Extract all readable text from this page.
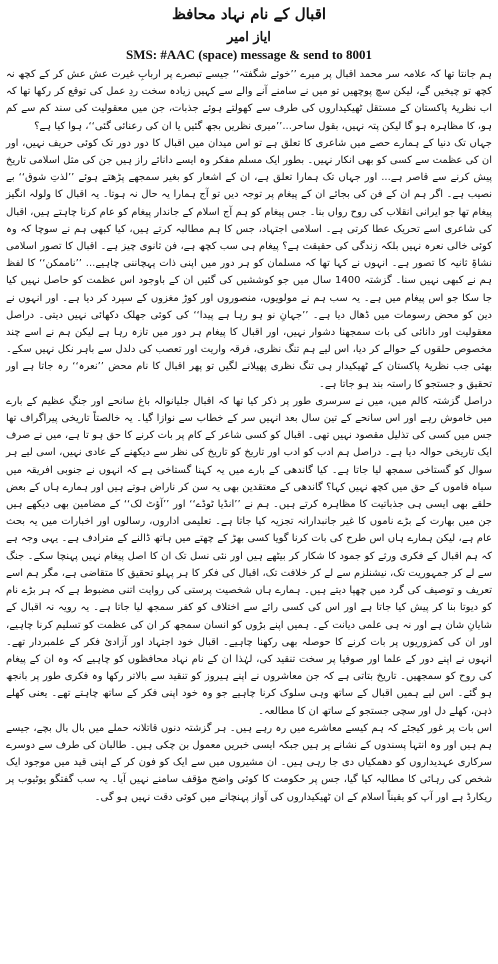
اقبال کے نام نہاد محافظ
ایاز امیر
SMS: #AAC (space) message & send to 8001

ہم جانتا تھا کہ علامہ سر محمد اقبال پر میرے ’’خوئے شگفتہ‘‘ جیسے تبصرے پر اربابِ غیرت عش عش کر کے کچھ نہ کچھ تو چیخیں گے، لیکن سچ پوچھیں تو میں نے سامنے آنے والے سے کہیں زیادہ سخت ردِ عمل کی توقع کر رکھا تھا کہ اب نظریۂ پاکستان کے مستقل ٹھیکیداروں کی طرف سے کھولتے ہوئے جذبات، جن میں معقولیت کی سند کم سے کم ہو، کا مظاہرہ ہو گا لیکن پتہ نہیں، بقول ساحر...’’میری نظریں بجھ گئیں یا ان کی رعنائی گئی‘‘، ہوا کیا ہے؟

جہاں تک دنیا کے ہمارے حصے میں شاعری کا تعلق ہے تو اس میدان میں اقبال کا دور دور تک کوئی حریف نہیں، اور ان کی عظمت سے کسی کو بھی انکار نہیں۔ بطور ایک مسلم مفکر وہ ایسے دانائے راز ہیں جن کی مثل اسلامی تاریخ پیش کرنے سے قاصر ہے... اور جہاں تک ہمارا تعلق ہے، ان کے اشعار کو بغیر سمجھے پڑھتے ہوئے ’’لذتِ شوق‘‘ بے نصیب ہے۔ اگر ہم ان کے فن کی بجائے ان کے پیغام پر توجہ دیں تو آج ہمارا یہ حال نہ ہوتا۔ یہ اقبال کا ولولہ انگیز پیغام تھا جو ایرانی انقلاب کی روح رواں بنا۔ جس پیغام کو ہم آج اسلام کے جاندار پیغام کو عام کرنا چاہتے ہیں، اقبال کی شاعری اسے تحریک عطا کرتی ہے۔ اسلامی اجتہاد، جس کا ہم مطالبہ کرتے ہیں، کیا کبھی ہم نے سوچا کہ وہ کوئی خالی نعرہ نہیں بلکہ زندگی کی حقیقت ہے؟ پیغام ہی سب کچھ ہے، فن ثانوی چیز ہے۔ اقبال کا تصور اسلامی نشاۃِ ثانیہ کا تصور ہے۔ انہوں نے کہا تھا کہ مسلمان کو ہر دور میں اپنی ذات پہچاننی چاہیے... ’’ناممکن‘‘ کا لفظ ہم نے کبھی نہیں سنا۔ گزشتہ 1400 سال میں جو کوششیں کی گئیں ان کے باوجود اس عظمت کو حاصل نہیں کیا جا سکا جو اس پیغام میں ہے۔ یہ سب ہم نے مولویوں، منصوروں اور کوڑ مغزوں کے سپرد کر دیا ہے۔ اور انہوں نے دین کو محض رسومات میں ڈھال دیا ہے۔ ’’جہانِ نو ہو رہا ہے پیدا‘‘ کی کوئی جھلک دکھائی نہیں دیتی۔ دراصل معقولیت اور دانائی کی بات سمجھنا دشوار نہیں، اور اقبال کا پیغام ہر دور میں تازہ رہا ہے لیکن ہم نے اسے چند مخصوص حلقوں کے حوالے کر دیا، اس لیے ہم تنگ نظری، فرقہ واریت اور تعصب کی دلدل سے باہر نکل نہیں سکے۔ بھئی جب نظریۂ پاکستان کے ٹھیکیدار ہی تنگ نظری پھیلانے لگیں تو پھر اقبال کا نام محض ’’نعرہ‘‘ رہ جاتا ہے اور تحقیق و جستجو کا راستہ بند ہو جاتا ہے۔

دراصل گزشتہ کالم میں، میں نے سرسری طور پر ذکر کیا تھا کہ اقبال جلیانوالہ باغ سانحے اور جنگِ عظیم کے بارے میں خاموش رہے اور اس سانحے کے تین سال بعد انہیں سر کے خطاب سے نوازا گیا۔ یہ خالصتاً تاریخی پیراگراف تھا جس میں کسی کی تذلیل مقصود نہیں تھی۔ اقبال کو کسی شاعر کے کام پر بات کرنے کا حق ہو تا ہے، میں نے صرف ایک تاریخی حوالہ دیا ہے۔ دراصل ہم ادب کو ادب اور تاریخ کو تاریخ کی نظر سے دیکھنے کے عادی نہیں، اسی لیے ہر سوال کو گستاخی سمجھ لیا جاتا ہے۔ کیا گاندھی کے بارے میں یہ کہنا گستاخی ہے کہ انہوں نے جنوبی افریقہ میں سیاہ فاموں کے حق میں کچھ نہیں کہا؟ گاندھی کے معتقدین بھی یہ سن کر ناراض ہوتے ہیں اور ہمارے ہاں کے بعض حلقے بھی ایسی ہی جذباتیت کا مظاہرہ کرتے ہیں۔ ہم نے ’’انڈیا ٹوڈے‘‘ اور ’’آؤٹ لک‘‘ کے مضامین بھی دیکھے ہیں جن میں بھارت کے بڑے ناموں کا غیر جانبدارانہ تجزیہ کیا جاتا ہے۔ تعلیمی اداروں، رسالوں اور اخبارات میں یہ بحث عام ہے، لیکن ہمارے ہاں اس طرح کی بات کرنا گویا کسی بھڑ کے چھتے میں ہاتھ ڈالنے کے مترادف ہے۔ یہی وجہ ہے کہ ہم اقبال کے فکری ورثے کو جمود کا شکار کر بیٹھے ہیں اور نئی نسل تک ان کا اصل پیغام نہیں پہنچا سکے۔ جنگ سے لے کر جمہوریت تک، نیشنلزم سے لے کر خلافت تک، اقبال کی فکر کا ہر پہلو تحقیق کا متقاضی ہے، مگر ہم اسے تعریف و توصیف کی گرد میں چھپا دیتے ہیں۔ ہمارے ہاں شخصیت پرستی کی روایت اتنی مضبوط ہے کہ ہر بڑے نام کو دیوتا بنا کر پیش کیا جاتا ہے اور اس کی کسی رائے سے اختلاف کو کفر سمجھ لیا جاتا ہے۔ یہ رویہ نہ اقبال کے شایانِ شان ہے اور نہ ہی علمی دیانت کے۔ ہمیں اپنے بڑوں کو انسان سمجھ کر ان کی عظمت کو تسلیم کرنا چاہیے، اور ان کی کمزوریوں پر بات کرنے کا حوصلہ بھی رکھنا چاہیے۔ اقبال خود اجتہاد اور آزادیٔ فکر کے علمبردار تھے۔ انہوں نے اپنے دور کے علما اور صوفیا پر سخت تنقید کی، لہٰذا ان کے نام نہاد محافظوں کو چاہیے کہ وہ ان کے پیغام کی روح کو سمجھیں۔ تاریخ بتاتی ہے کہ جن معاشروں نے اپنے ہیروز کو تنقید سے بالاتر رکھا وہ فکری طور پر بانجھ ہو گئے۔ اس لیے ہمیں اقبال کے ساتھ وہی سلوک کرنا چاہیے جو وہ خود اپنی فکر کے ساتھ چاہتے تھے۔ یعنی کھلے ذہن، کھلے دل اور سچی جستجو کے ساتھ ان کا مطالعہ۔

اس بات پر غور کیجئے کہ ہم کیسے معاشرے میں رہ رہے ہیں۔ ہر گزشتہ دنوں قاتلانہ حملے میں بال بال بچے، جیسے ہم ہیں اور وہ انتہا پسندوں کے نشانے پر ہیں جبکہ ایسی خبریں معمول بن چکی ہیں۔ طالبان کی طرف سے دوسرے سرکاری عہدیداروں کو دھمکیاں دی جا رہی ہیں۔ ان مشیروں میں سے ایک کو فون کر کے اپنی قید میں موجود ایک شخص کی رہائی کا مطالبہ کیا گیا، جس پر حکومت کا کوئی واضح مؤقف سامنے نہیں آیا۔ یہ سب گفتگو یوٹیوب پر ریکارڈ ہے اور آپ کو یقیناً اسلام کے ان ٹھیکیداروں کی آواز پہنچانے میں کوئی دقت نہیں ہو گی۔
